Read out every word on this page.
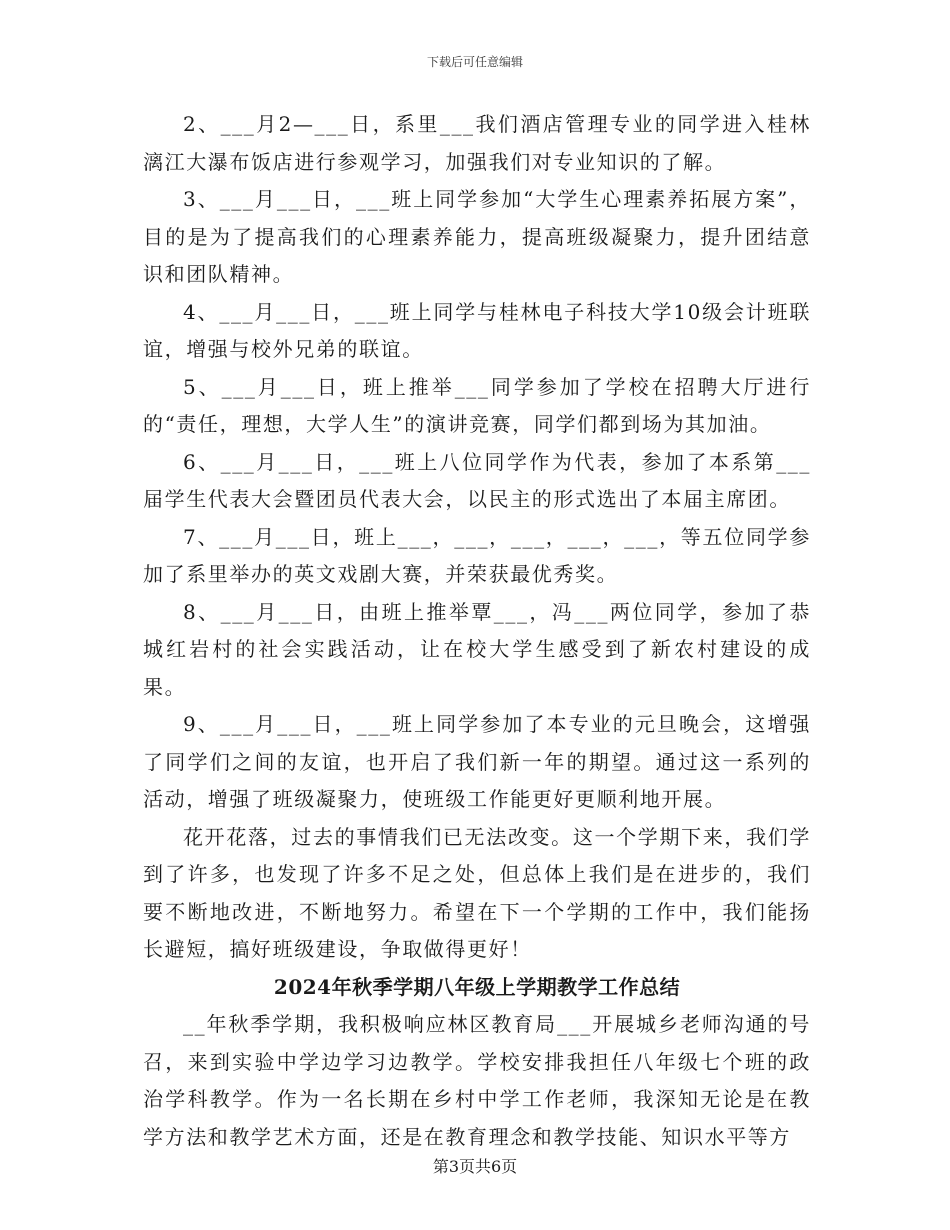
下载后可任意编辑

2、___月2—___日，系里___我们酒店管理专业的同学进入桂林漓江大瀑布饭店进行参观学习，加强我们对专业知识的了解。

3、___月___日，___班上同学参加“大学生心理素养拓展方案”，目的是为了提高我们的心理素养能力，提高班级凝聚力，提升团结意识和团队精神。

4、___月___日，___班上同学与桂林电子科技大学10级会计班联谊，增强与校外兄弟的联谊。

5、___月___日，班上推举___同学参加了学校在招聘大厅进行的“责任，理想，大学人生”的演讲竞赛，同学们都到场为其加油。

6、___月___日，___班上八位同学作为代表，参加了本系第___届学生代表大会暨团员代表大会，以民主的形式选出了本届主席团。

7、___月___日，班上___，___，___，___，___，等五位同学参加了系里举办的英文戏剧大赛，并荣获最优秀奖。

8、___月___日，由班上推举覃___，冯___两位同学，参加了恭城红岩村的社会实践活动，让在校大学生感受到了新农村建设的成果。

9、___月___日，___班上同学参加了本专业的元旦晚会，这增强了同学们之间的友谊，也开启了我们新一年的期望。通过这一系列的活动，增强了班级凝聚力，使班级工作能更好更顺利地开展。

花开花落，过去的事情我们已无法改变。这一个学期下来，我们学到了许多，也发现了许多不足之处，但总体上我们是在进步的，我们要不断地改进，不断地努力。希望在下一个学期的工作中，我们能扬长避短，搞好班级建设，争取做得更好！

2024年秋季学期八年级上学期教学工作总结

__年秋季学期，我积极响应林区教育局___开展城乡老师沟通的号召，来到实验中学边学习边教学。学校安排我担任八年级七个班的政治学科教学。作为一名长期在乡村中学工作老师，我深知无论是在教学方法和教学艺术方面，还是在教育理念和教学技能、知识水平等方

第3页共6页
